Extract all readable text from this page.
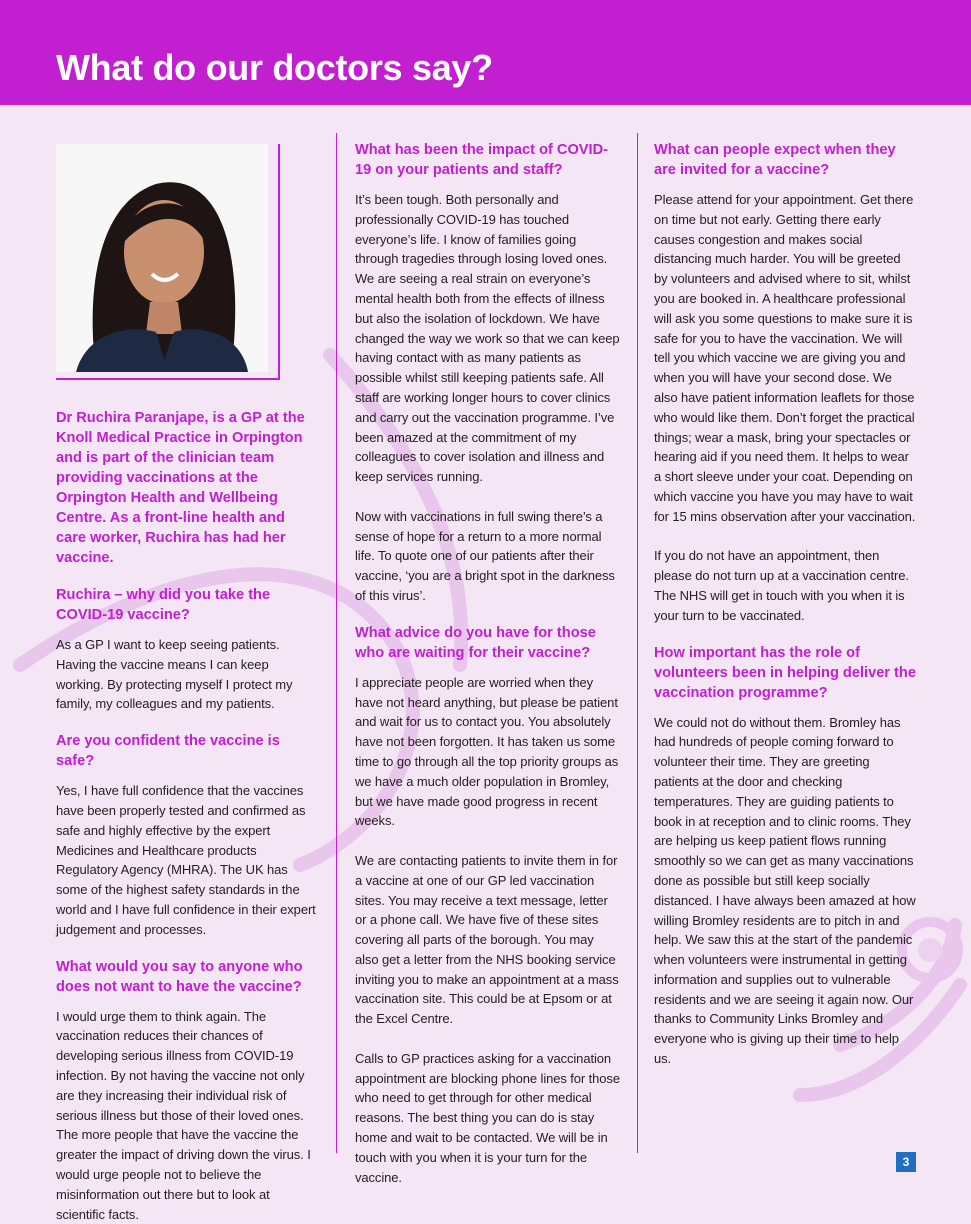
What do our doctors say?
Dr Ruchira Paranjape, is a GP at the Knoll Medical Practice in Orpington and is part of the clinician team providing vaccinations at the Orpington Health and Wellbeing Centre. As a front-line health and care worker, Ruchira has had her vaccine.
Ruchira – why did you take the COVID-19 vaccine?

As a GP I want to keep seeing patients. Having the vaccine means I can keep working. By protecting myself I protect my family, my colleagues and my patients.

Are you confident the vaccine is safe?

Yes, I have full confidence that the vaccines have been properly tested and confirmed as safe and highly effective by the expert Medicines and Healthcare products Regulatory Agency (MHRA). The UK has some of the highest safety standards in the world and I have full confidence in their expert judgement and processes.

What would you say to anyone who does not want to have the vaccine?

I would urge them to think again. The vaccination reduces their chances of developing serious illness from COVID-19 infection. By not having the vaccine not only are they increasing their individual risk of serious illness but those of their loved ones. The more people that have the vaccine the greater the impact of driving down the virus. I would urge people not to believe the misinformation out there but to look at scientific facts.

What has been the impact of COVID-19 on your patients and staff?

It’s been tough. Both personally and professionally COVID-19 has touched everyone’s life. I know of families going through tragedies through losing loved ones. We are seeing a real strain on everyone’s mental health both from the effects of illness but also the isolation of lockdown. We have changed the way we work so that we can keep having contact with as many patients as possible whilst still keeping patients safe. All staff are working longer hours to cover clinics and carry out the vaccination programme. I’ve been amazed at the commitment of my colleagues to cover isolation and illness and keep services running.

Now with vaccinations in full swing there’s a sense of hope for a return to a more normal life. To quote one of our patients after their vaccine, ‘you are a bright spot in the darkness of this virus’.

What advice do you have for those who are waiting for their vaccine?

I appreciate people are worried when they have not heard anything, but please be patient and wait for us to contact you. You absolutely have not been forgotten. It has taken us some time to go through all the top priority groups as we have a much older population in Bromley, but we have made good progress in recent weeks.

We are contacting patients to invite them in for a vaccine at one of our GP led vaccination sites. You may receive a text message, letter or a phone call. We have five of these sites covering all parts of the borough. You may also get a letter from the NHS booking service inviting you to make an appointment at a mass vaccination site. This could be at Epsom or at the Excel Centre.

Calls to GP practices asking for a vaccination appointment are blocking phone lines for those who need to get through for other medical reasons. The best thing you can do is stay home and wait to be contacted. We will be in touch with you when it is your turn for the vaccine.

What can people expect when they are invited for a vaccine?

Please attend for your appointment. Get there on time but not early. Getting there early causes congestion and makes social distancing much harder. You will be greeted by volunteers and advised where to sit, whilst you are booked in. A healthcare professional will ask you some questions to make sure it is safe for you to have the vaccination. We will tell you which vaccine we are giving you and when you will have your second dose. We also have patient information leaflets for those who would like them. Don’t forget the practical things; wear a mask, bring your spectacles or hearing aid if you need them. It helps to wear a short sleeve under your coat. Depending on which vaccine you have you may have to wait for 15 mins observation after your vaccination.

If you do not have an appointment, then please do not turn up at a vaccination centre. The NHS will get in touch with you when it is your turn to be vaccinated.

How important has the role of volunteers been in helping deliver the vaccination programme?

We could not do without them. Bromley has had hundreds of people coming forward to volunteer their time. They are greeting patients at the door and checking temperatures. They are guiding patients to book in at reception and to clinic rooms. They are helping us keep patient flows running smoothly so we can get as many vaccinations done as possible but still keep socially distanced. I have always been amazed at how willing Bromley residents are to pitch in and help. We saw this at the start of the pandemic when volunteers were instrumental in getting information and supplies out to vulnerable residents and we are seeing it again now. Our thanks to Community Links Bromley and everyone who is giving up their time to help us.

3
